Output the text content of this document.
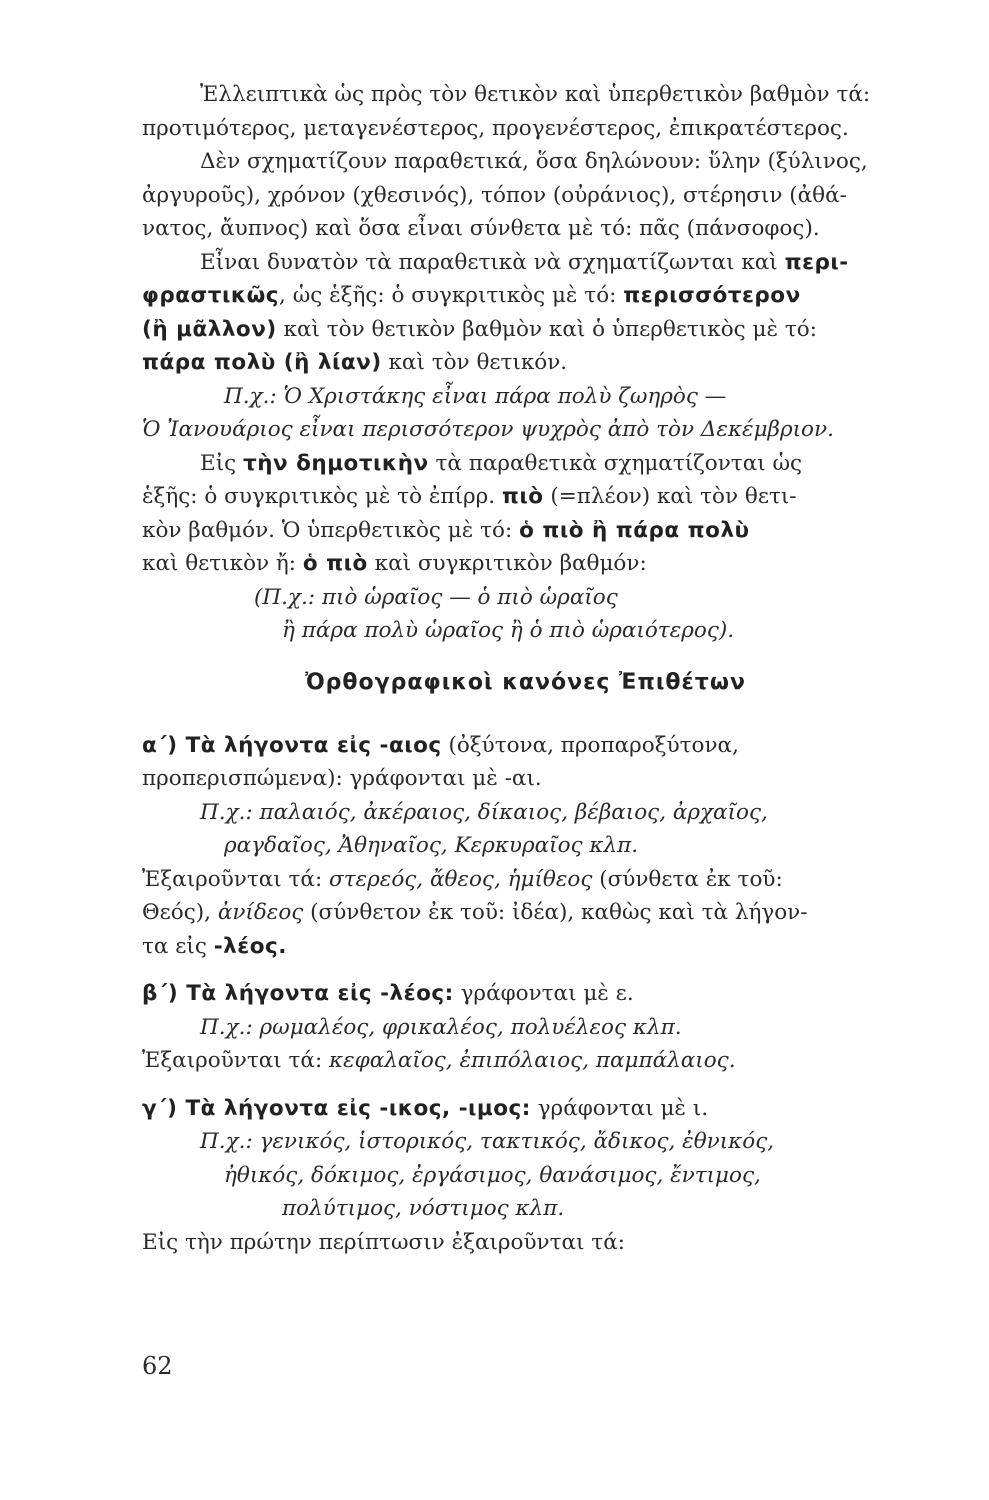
Ἐλλειπτικὰ ὡς πρὸς τὸν θετικὸν καὶ ὑπερθετικὸν βαθμὸν τά:
προτιμότερος, μεταγενέστερος, προγενέστερος, ἐπικρατέστερος.
Δὲν σχηματίζουν παραθετικά, ὅσα δηλώνουν: ὕλην (ξύλινος,
ἀργυροῦς), χρόνον (χθεσινός), τόπον (οὐράνιος), στέρησιν (ἀθά-
νατος, ἄυπνος) καὶ ὅσα εἶναι σύνθετα μὲ τό: πᾶς (πάνσοφος).
Εἶναι δυνατὸν τὰ παραθετικὰ νὰ σχηματίζωνται καὶ περι-
φραστικῶς, ὡς ἑξῆς: ὁ συγκριτικὸς μὲ τό: περισσότερον
(ἢ μᾶλλον) καὶ τὸν θετικὸν βαθμὸν καὶ ὁ ὑπερθετικὸς μὲ τό:
πάρα πολὺ (ἢ λίαν) καὶ τὸν θετικόν.
Π.χ.: Ὁ Χριστάκης εἶναι πάρα πολὺ ζωηρὸς —
Ὁ Ἰανουάριος εἶναι περισσότερον ψυχρὸς ἀπὸ τὸν Δεκέμβριον.
Εἰς τὴν δημοτικὴν τὰ παραθετικὰ σχηματίζονται ὡς
ἑξῆς: ὁ συγκριτικὸς μὲ τὸ ἐπίρρ. πιὸ (=πλέον) καὶ τὸν θετι-
κὸν βαθμόν. Ὁ ὑπερθετικὸς μὲ τό: ὁ πιὸ ἢ πάρα πολὺ
καὶ θετικὸν ἤ: ὁ πιὸ καὶ συγκριτικὸν βαθμόν:
(Π.χ.: πιὸ ὡραῖος — ὁ πιὸ ὡραῖος
ἢ πάρα πολὺ ὡραῖος ἢ ὁ πιὸ ὡραιότερος).
Ὀρθογραφικοὶ κανόνες Ἐπιθέτων
α΄) Τὰ λήγοντα εἰς -αιος (ὀξύτονα, προπαροξύτονα,
προπερισπώμενα): γράφονται μὲ -αι.
Π.χ.: παλαιός, ἀκέραιος, δίκαιος, βέβαιος, ἀρχαῖος,
ραγδαῖος, Ἀθηναῖος, Κερκυραῖος κλπ.
Ἐξαιροῦνται τά: στερεός, ἄθεος, ἡμίθεος (σύνθετα ἐκ τοῦ:
Θεός), ἀνίδεος (σύνθετον ἐκ τοῦ: ἰδέα), καθὼς καὶ τὰ λήγον-
τα εἰς -λέος.
β΄) Τὰ λήγοντα εἰς -λέος: γράφονται μὲ ε.
Π.χ.: ρωμαλέος, φρικαλέος, πολυέλεος κλπ.
Ἐξαιροῦνται τά: κεφαλαῖος, ἐπιπόλαιος, παμπάλαιος.
γ΄) Τὰ λήγοντα εἰς -ικος, -ιμος: γράφονται μὲ ι.
Π.χ.: γενικός, ἱστορικός, τακτικός, ἄδικος, ἐθνικός,
ἠθικός, δόκιμος, ἐργάσιμος, θανάσιμος, ἔντιμος,
πολύτιμος, νόστιμος κλπ.
Εἰς τὴν πρώτην περίπτωσιν ἐξαιροῦνται τά:
62
